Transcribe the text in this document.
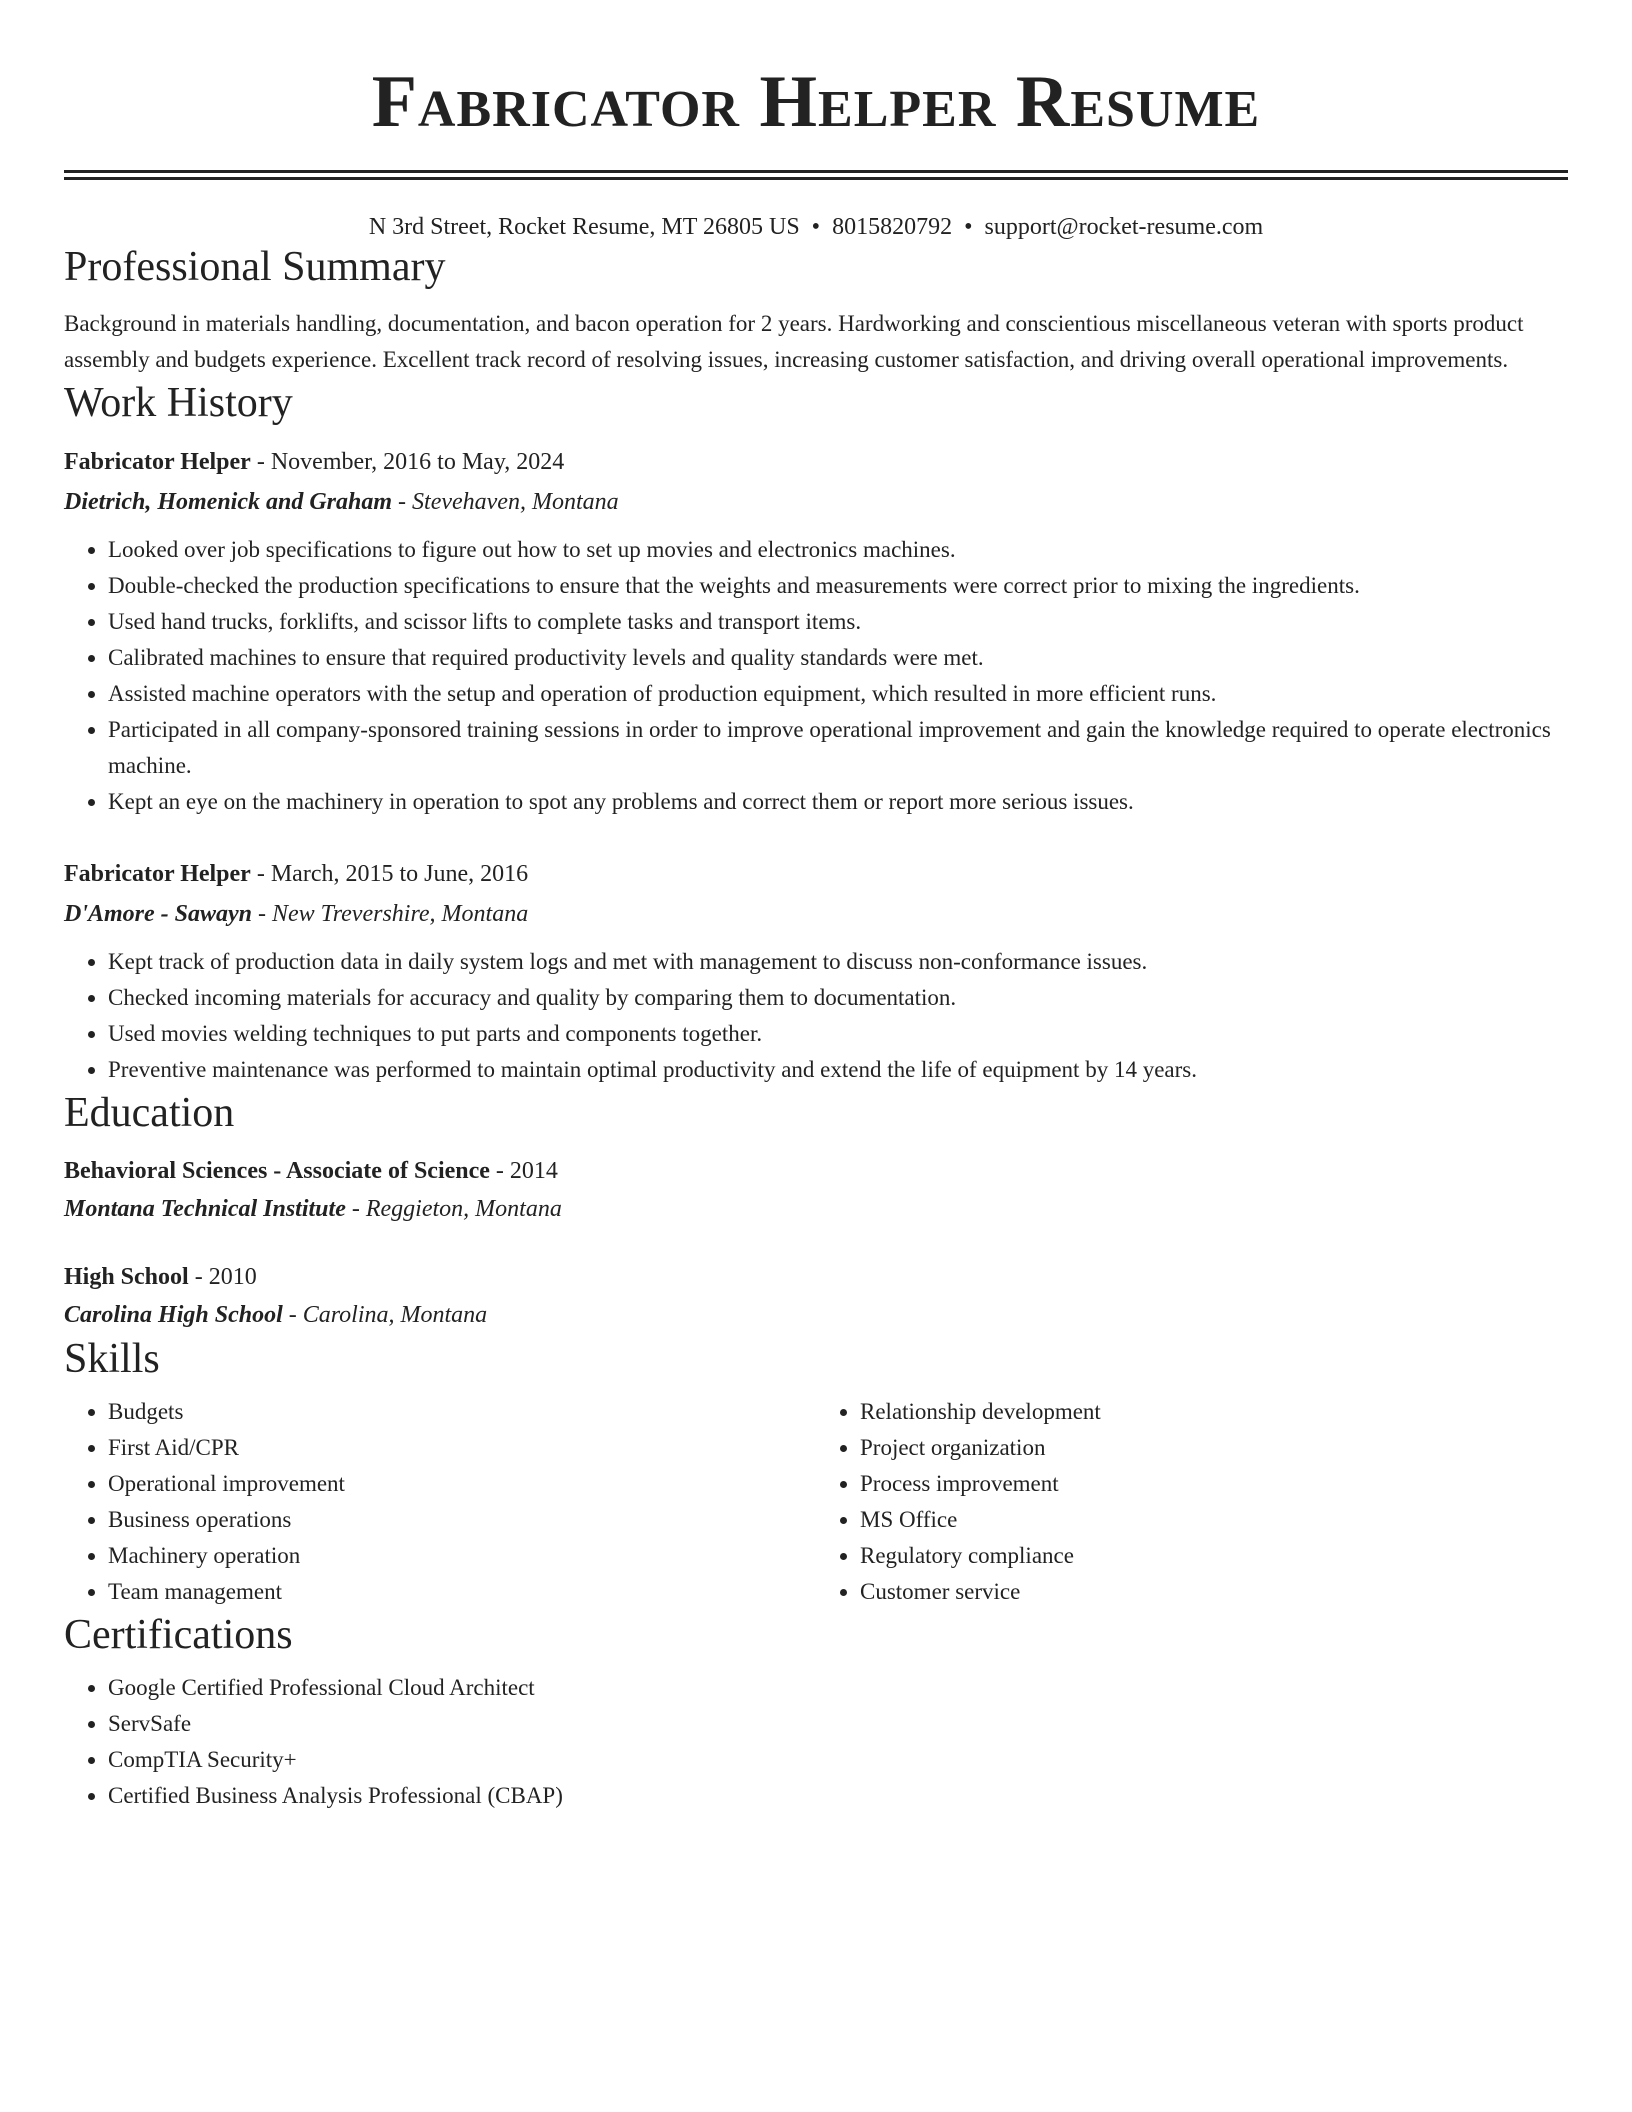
Fabricator Helper Resume
N 3rd Street, Rocket Resume, MT 26805 US • 8015820792 • support@rocket-resume.com
Professional Summary
Background in materials handling, documentation, and bacon operation for 2 years. Hardworking and conscientious miscellaneous veteran with sports product assembly and budgets experience. Excellent track record of resolving issues, increasing customer satisfaction, and driving overall operational improvements.
Work History
Fabricator Helper - November, 2016 to May, 2024
Dietrich, Homenick and Graham - Stevehaven, Montana
• Looked over job specifications to figure out how to set up movies and electronics machines.
• Double-checked the production specifications to ensure that the weights and measurements were correct prior to mixing the ingredients.
• Used hand trucks, forklifts, and scissor lifts to complete tasks and transport items.
• Calibrated machines to ensure that required productivity levels and quality standards were met.
• Assisted machine operators with the setup and operation of production equipment, which resulted in more efficient runs.
• Participated in all company-sponsored training sessions in order to improve operational improvement and gain the knowledge required to operate electronics machine.
• Kept an eye on the machinery in operation to spot any problems and correct them or report more serious issues.
Fabricator Helper - March, 2015 to June, 2016
D'Amore - Sawayn - New Trevershire, Montana
• Kept track of production data in daily system logs and met with management to discuss non-conformance issues.
• Checked incoming materials for accuracy and quality by comparing them to documentation.
• Used movies welding techniques to put parts and components together.
• Preventive maintenance was performed to maintain optimal productivity and extend the life of equipment by 14 years.
Education
Behavioral Sciences - Associate of Science - 2014
Montana Technical Institute - Reggieton, Montana
High School - 2010
Carolina High School - Carolina, Montana
Skills
• Budgets
• First Aid/CPR
• Operational improvement
• Business operations
• Machinery operation
• Team management
• Relationship development
• Project organization
• Process improvement
• MS Office
• Regulatory compliance
• Customer service
Certifications
• Google Certified Professional Cloud Architect
• ServSafe
• CompTIA Security+
• Certified Business Analysis Professional (CBAP)
